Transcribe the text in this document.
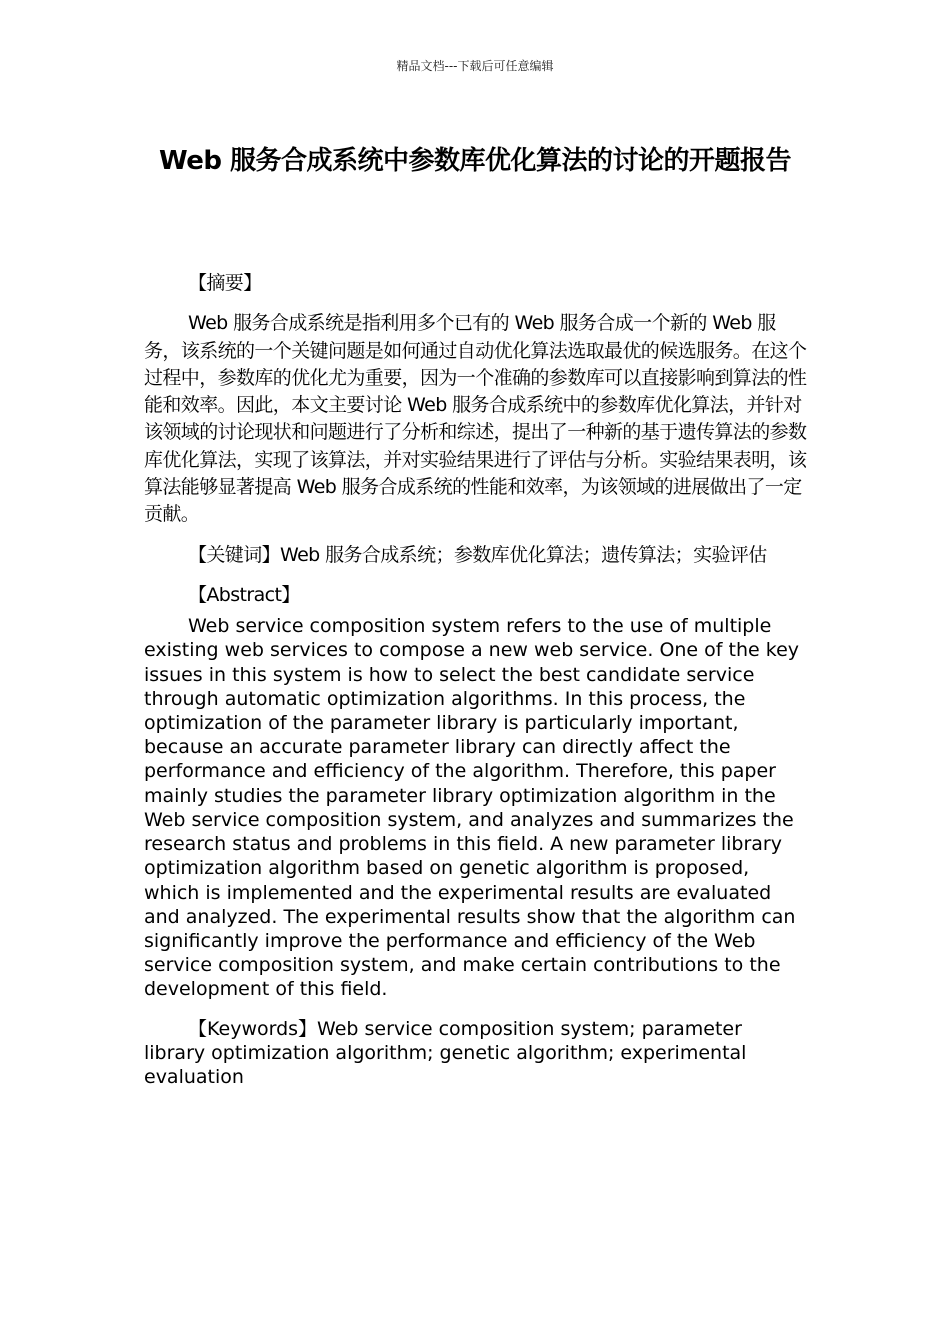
精品文档---下载后可任意编辑
Web 服务合成系统中参数库优化算法的讨论的开题报告

【摘要】

Web 服务合成系统是指利用多个已有的 Web 服务合成一个新的 Web 服务，该系统的一个关键问题是如何通过自动优化算法选取最优的候选服务。在这个过程中，参数库的优化尤为重要，因为一个准确的参数库可以直接影响到算法的性能和效率。因此，本文主要讨论 Web 服务合成系统中的参数库优化算法，并针对该领域的讨论现状和问题进行了分析和综述，提出了一种新的基于遗传算法的参数库优化算法，实现了该算法，并对实验结果进行了评估与分析。实验结果表明，该算法能够显著提高 Web 服务合成系统的性能和效率，为该领域的进展做出了一定贡献。

【关键词】Web 服务合成系统；参数库优化算法；遗传算法；实验评估

【Abstract】

Web service composition system refers to the use of multiple existing web services to compose a new web service. One of the key issues in this system is how to select the best candidate service through automatic optimization algorithms. In this process, the optimization of the parameter library is particularly important, because an accurate parameter library can directly affect the performance and efficiency of the algorithm. Therefore, this paper mainly studies the parameter library optimization algorithm in the Web service composition system, and analyzes and summarizes the research status and problems in this field. A new parameter library optimization algorithm based on genetic algorithm is proposed, which is implemented and the experimental results are evaluated and analyzed. The experimental results show that the algorithm can significantly improve the performance and efficiency of the Web service composition system, and make certain contributions to the development of this field.

【Keywords】Web service composition system; parameter library optimization algorithm; genetic algorithm; experimental evaluation
